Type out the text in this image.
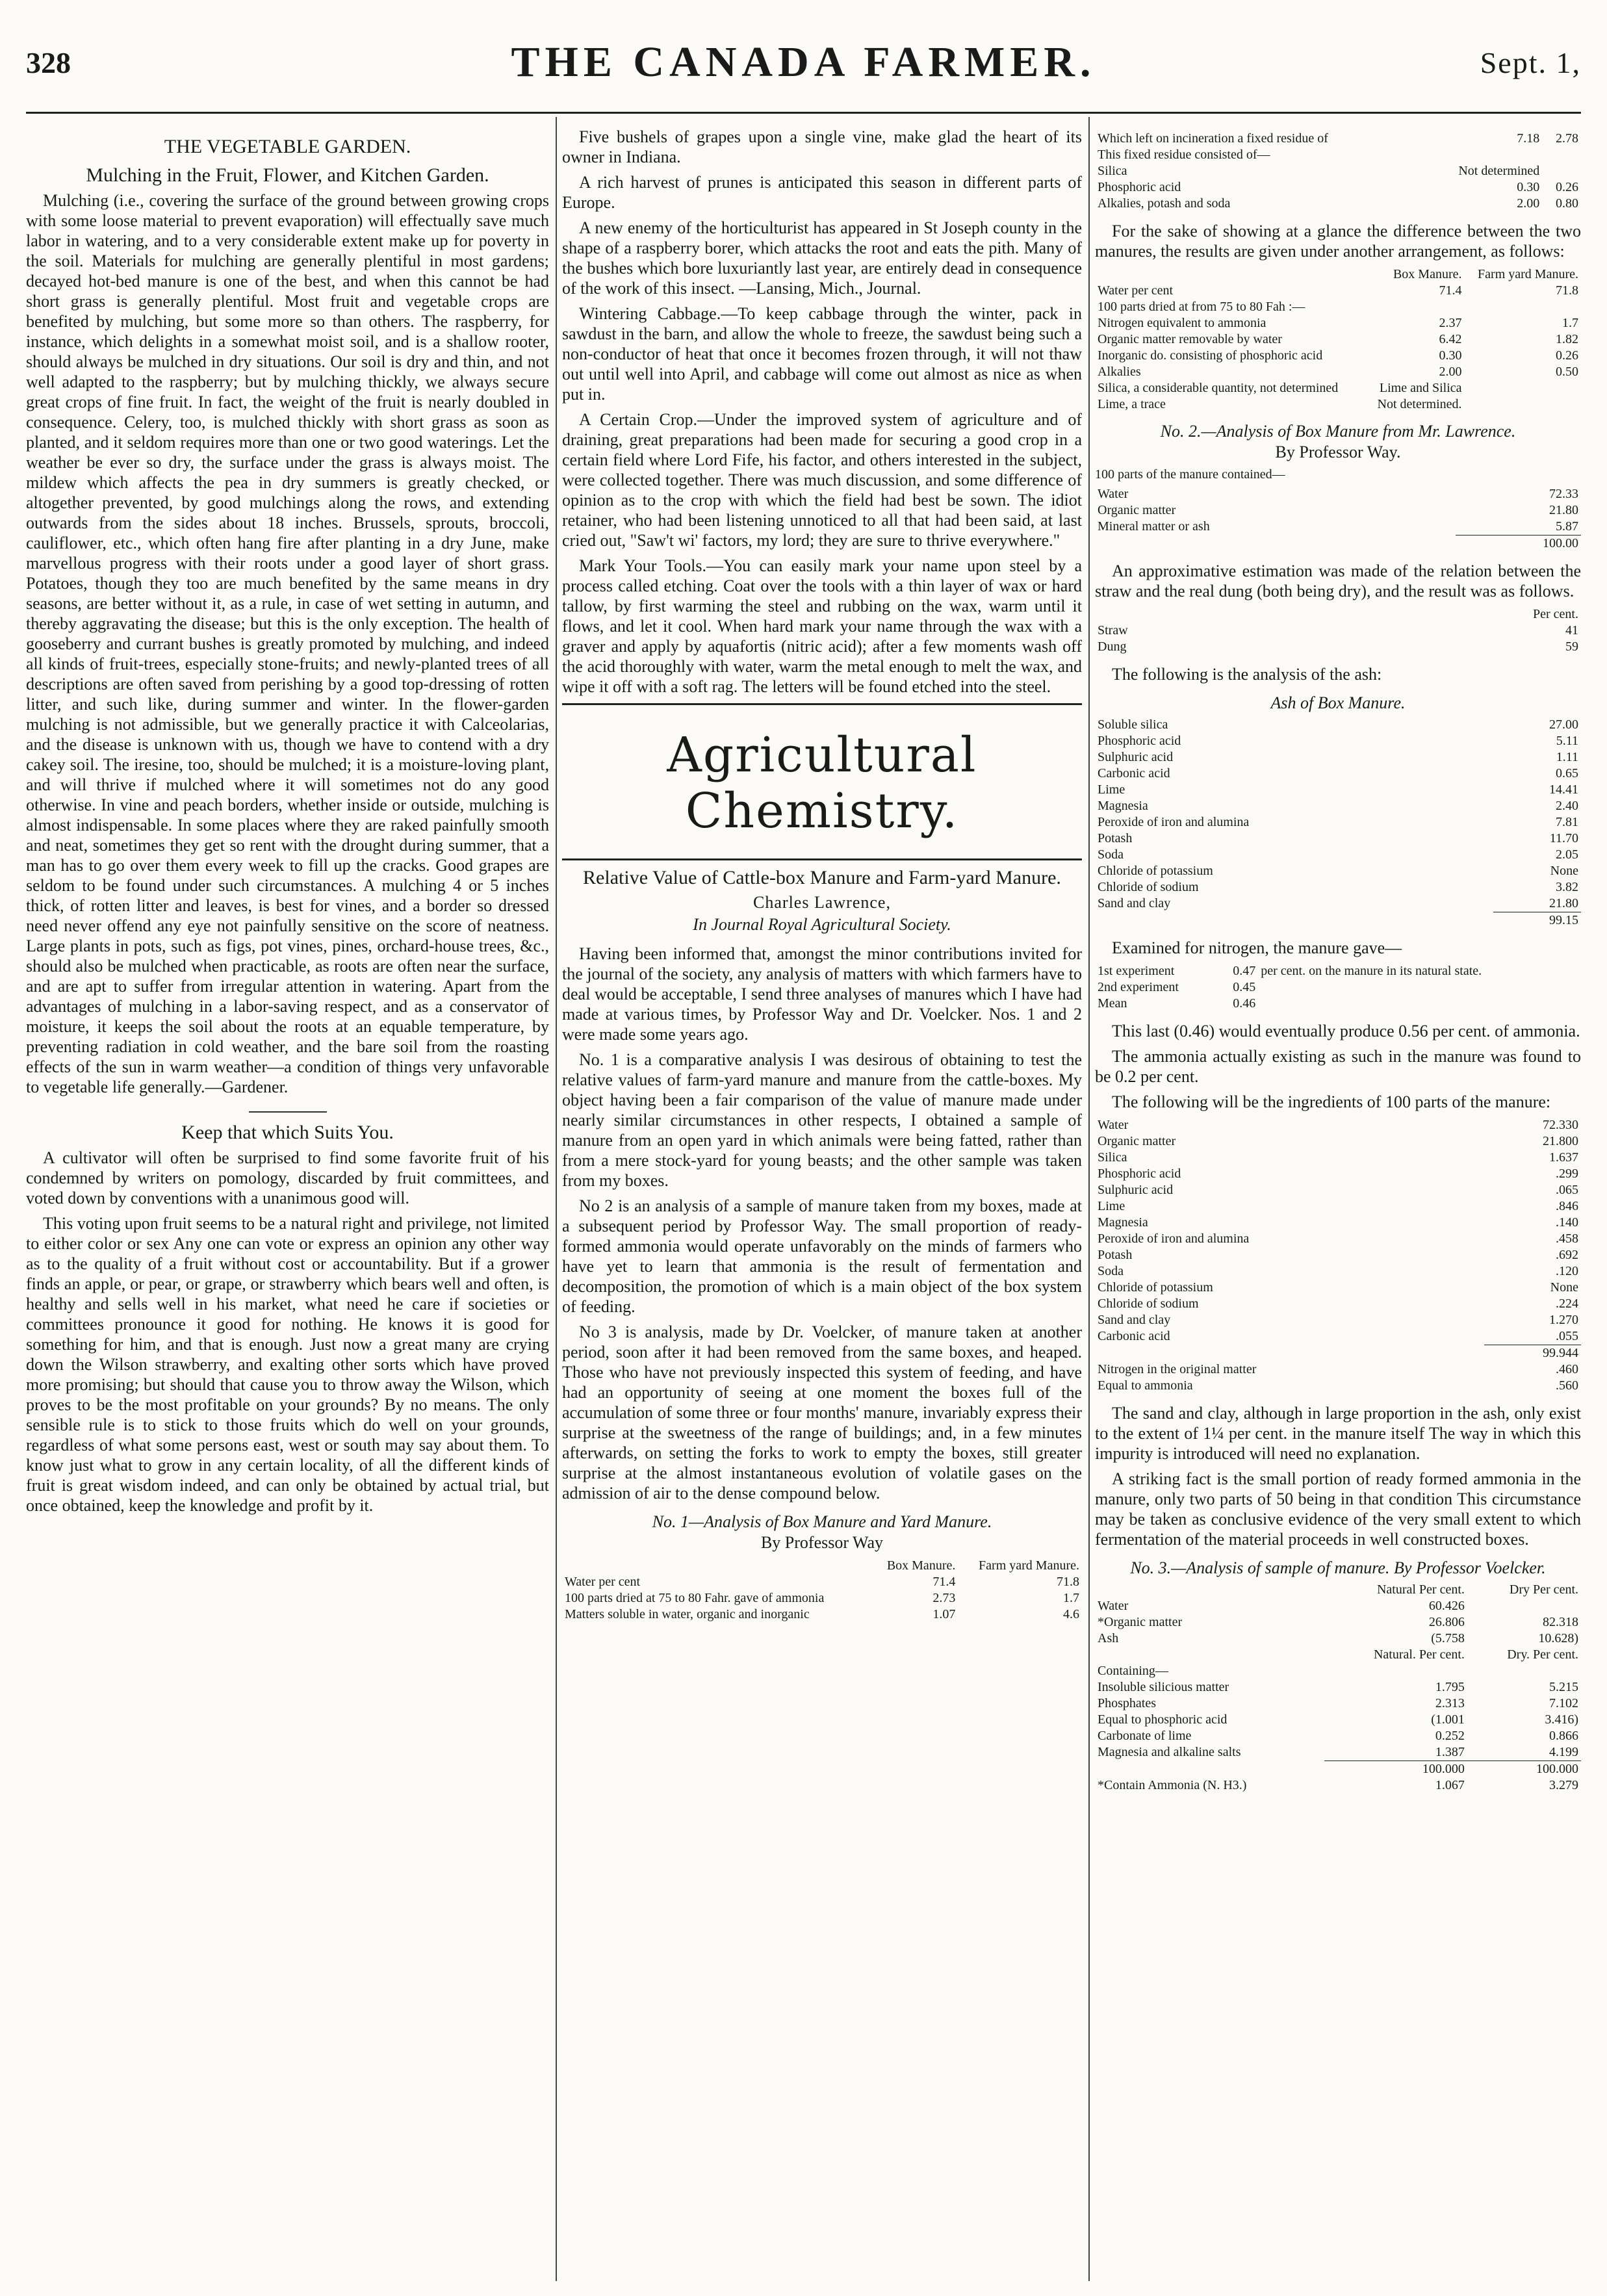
328	THE CANADA FARMER.	Sept. 1,
THE VEGETABLE GARDEN.
Mulching in the Fruit, Flower, and Kitchen Garden.

Mulching (i.e., covering the surface of the ground between growing crops with some loose material to prevent evaporation) will effectually save much labor in watering, and to a very considerable extent make up for poverty in the soil. Materials for mulching are generally plentiful in most gardens; decayed hot-bed manure is one of the best, and when this cannot be had short grass is generally plentiful. Most fruit and vegetable crops are benefited by mulching, but some more so than others. The raspberry, for instance, which delights in a somewhat moist soil, and is a shallow rooter, should always be mulched in dry situations. Our soil is dry and thin, and not well adapted to the raspberry; but by mulching thickly, we always secure great crops of fine fruit. In fact, the weight of the fruit is nearly doubled in consequence. Celery, too, is mulched thickly with short grass as soon as planted, and it seldom requires more than one or two good waterings. Let the weather be ever so dry, the surface under the grass is always moist. The mildew which affects the pea in dry summers is greatly checked, or altogether prevented, by good mulchings along the rows, and extending outwards from the sides about 18 inches. Brussels, sprouts, broccoli, cauliflower, etc., which often hang fire after planting in a dry June, make marvellous progress with their roots under a good layer of short grass. Potatoes, though they too are much benefited by the same means in dry seasons, are better without it, as a rule, in case of wet setting in autumn, and thereby aggravating the disease; but this is the only exception. The health of gooseberry and currant bushes is greatly promoted by mulching, and indeed all kinds of fruit-trees, especially stone-fruits; and newly-planted trees of all descriptions are often saved from perishing by a good top-dressing of rotten litter, and such like, during summer and winter. In the flower-garden mulching is not admissible, but we generally practice it with Calceolarias, and the disease is unknown with us, though we have to contend with a dry cakey soil. The iresine, too, should be mulched; it is a moisture-loving plant, and will thrive if mulched where it will sometimes not do any good otherwise. In vine and peach borders, whether inside or outside, mulching is almost indispensable. In some places where they are raked painfully smooth and neat, sometimes they get so rent with the drought during summer, that a man has to go over them every week to fill up the cracks. Good grapes are seldom to be found under such circumstances. A mulching 4 or 5 inches thick, of rotten litter and leaves, is best for vines, and a border so dressed need never offend any eye not painfully sensitive on the score of neatness. Large plants in pots, such as figs, pot vines, pines, orchard-house trees, &c., should also be mulched when practicable, as roots are often near the surface, and are apt to suffer from irregular attention in watering. Apart from the advantages of mulching in a labor-saving respect, and as a conservator of moisture, it keeps the soil about the roots at an equable temperature, by preventing radiation in cold weather, and the bare soil from the roasting effects of the sun in warm weather—a condition of things very unfavorable to vegetable life generally.—Gardener.

Keep that which Suits You.

A cultivator will often be surprised to find some favorite fruit of his condemned by writers on pomology, discarded by fruit committees, and voted down by conventions with a unanimous good will.

This voting upon fruit seems to be a natural right and privilege, not limited to either color or sex Any one can vote or express an opinion any other way as to the quality of a fruit without cost or accountability. But if a grower finds an apple, or pear, or grape, or strawberry which bears well and often, is healthy and sells well in his market, what need he care if societies or committees pronounce it good for nothing. He knows it is good for something for him, and that is enough. Just now a great many are crying down the Wilson strawberry, and exalting other sorts which have proved more promising; but should that cause you to throw away the Wilson, which proves to be the most profitable on your grounds? By no means. The only sensible rule is to stick to those fruits which do well on your grounds, regardless of what some persons east, west or south may say about them. To know just what to grow in any certain locality, of all the different kinds of fruit is great wisdom indeed, and can only be obtained by actual trial, but once obtained, keep the knowledge and profit by it.

Five bushels of grapes upon a single vine, make glad the heart of its owner in Indiana.

A rich harvest of prunes is anticipated this season in different parts of Europe.

A new enemy of the horticulturist has appeared in St Joseph county in the shape of a raspberry borer, which attacks the root and eats the pith. Many of the bushes which bore luxuriantly last year, are entirely dead in consequence of the work of this insect. —Lansing, Mich., Journal.

Wintering Cabbage.—To keep cabbage through the winter, pack in sawdust in the barn, and allow the whole to freeze, the sawdust being such a non-conductor of heat that once it becomes frozen through, it will not thaw out until well into April, and cabbage will come out almost as nice as when put in.

A Certain Crop.—Under the improved system of agriculture and of draining, great preparations had been made for securing a good crop in a certain field where Lord Fife, his factor, and others interested in the subject, were collected together. There was much discussion, and some difference of opinion as to the crop with which the field had best be sown. The idiot retainer, who had been listening unnoticed to all that had been said, at last cried out, "Saw't wi' factors, my lord; they are sure to thrive everywhere."

Mark Your Tools.—You can easily mark your name upon steel by a process called etching. Coat over the tools with a thin layer of wax or hard tallow, by first warming the steel and rubbing on the wax, warm until it flows, and let it cool. When hard mark your name through the wax with a graver and apply by aquafortis (nitric acid); after a few moments wash off the acid thoroughly with water, warm the metal enough to melt the wax, and wipe it off with a soft rag. The letters will be found etched into the steel.

Agricultural Chemistry.
Relative Value of Cattle-box Manure and Farm-yard Manure.
Charles Lawrence,
In Journal Royal Agricultural Society.

Having been informed that, amongst the minor contributions invited for the journal of the society, any analysis of matters with which farmers have to deal would be acceptable, I send three analyses of manures which I have had made at various times, by Professor Way and Dr. Voelcker. Nos. 1 and 2 were made some years ago.

No. 1 is a comparative analysis I was desirous of obtaining to test the relative values of farm-yard manure and manure from the cattle-boxes. My object having been a fair comparison of the value of manure made under nearly similar circumstances in other respects, I obtained a sample of manure from an open yard in which animals were being fatted, rather than from a mere stock-yard for young beasts; and the other sample was taken from my boxes.

No 2 is an analysis of a sample of manure taken from my boxes, made at a subsequent period by Professor Way. The small proportion of ready-formed ammonia would operate unfavorably on the minds of farmers who have yet to learn that ammonia is the result of fermentation and decomposition, the promotion of which is a main object of the box system of feeding.

No 3 is analysis, made by Dr. Voelcker, of manure taken at another period, soon after it had been removed from the same boxes, and heaped. Those who have not previously inspected this system of feeding, and have had an opportunity of seeing at one moment the boxes full of the accumulation of some three or four months' manure, invariably express their surprise at the sweetness of the range of buildings; and, in a few minutes afterwards, on setting the forks to work to empty the boxes, still greater surprise at the almost instantaneous evolution of volatile gases on the admission of air to the dense compound below.

No. 1—Analysis of Box Manure and Yard Manure.
By Professor Way
	Box Manure.	Farm yard Manure.
Water per cent	71.4	71.8
100 parts dried at 75 to 80 Fahr. gave of ammonia	2.73	1.7
Matters soluble in water, organic and inorganic	1.07	4.6
Which left on incineration a fixed residue of	7.18	2.78
This fixed residue consisted of—		
Silica	Not determined	
Phosphoric acid	0.30	0.26
Alkalies, potash and soda	2.00	0.80

For the sake of showing at a glance the difference between the two manures, the results are given under another arrangement, as follows:

	Box Manure.	Farm yard Manure.
Water per cent	71.4	71.8
100 parts dried at from 75 to 80 Fah :—		
Nitrogen equivalent to ammonia	2.37	1.7
Organic matter removable by water	6.42	1.82
Inorganic do. consisting of phosphoric acid	0.30	0.26
Alkalies	2.00	0.50
Silica, a considerable quantity, not determined	Lime and Silica	
Lime, a trace	Not determined.	
No. 2.—Analysis of Box Manure from Mr. Lawrence.
By Professor Way.
100 parts of the manure contained—
Water	72.33
Organic matter	21.80
Mineral matter or ash	5.87
	100.00

An approximative estimation was made of the relation between the straw and the real dung (both being dry), and the result was as follows.

	Per cent.
Straw	41
Dung	59

The following is the analysis of the ash:

Ash of Box Manure.
Soluble silica	27.00
Phosphoric acid	5.11
Sulphuric acid	1.11
Carbonic acid	0.65
Lime	14.41
Magnesia	2.40
Peroxide of iron and alumina	7.81
Potash	11.70
Soda	2.05
Chloride of potassium	None
Chloride of sodium	3.82
Sand and clay	21.80
	99.15

Examined for nitrogen, the manure gave—

1st experiment	0.47	per cent. on the manure in its natural state.
2nd experiment	0.45	
Mean	0.46	

This last (0.46) would eventually produce 0.56 per cent. of ammonia.

The ammonia actually existing as such in the manure was found to be 0.2 per cent.

The following will be the ingredients of 100 parts of the manure:

Water	72.330
Organic matter	21.800
Silica	1.637
Phosphoric acid	.299
Sulphuric acid	.065
Lime	.846
Magnesia	.140
Peroxide of iron and alumina	.458
Potash	.692
Soda	.120
Chloride of potassium	None
Chloride of sodium	.224
Sand and clay	1.270
Carbonic acid	.055
	99.944
Nitrogen in the original matter	.460
Equal to ammonia	.560

The sand and clay, although in large proportion in the ash, only exist to the extent of 1¼ per cent. in the manure itself The way in which this impurity is introduced will need no explanation.

A striking fact is the small portion of ready formed ammonia in the manure, only two parts of 50 being in that condition This circumstance may be taken as conclusive evidence of the very small extent to which fermentation of the material proceeds in well constructed boxes.

No. 3.—Analysis of sample of manure. By Professor Voelcker.
	Natural Per cent.	Dry Per cent.
Water	60.426	
*Organic matter	26.806	82.318
Ash	(5.758	10.628)
	Natural. Per cent.	Dry. Per cent.
Containing—		
Insoluble silicious matter	1.795	5.215
Phosphates	2.313	7.102
Equal to phosphoric acid	(1.001	3.416)
Carbonate of lime	0.252	0.866
Magnesia and alkaline salts	1.387	4.199
	100.000	100.000
*Contain Ammonia (N. H3.)	1.067	3.279
